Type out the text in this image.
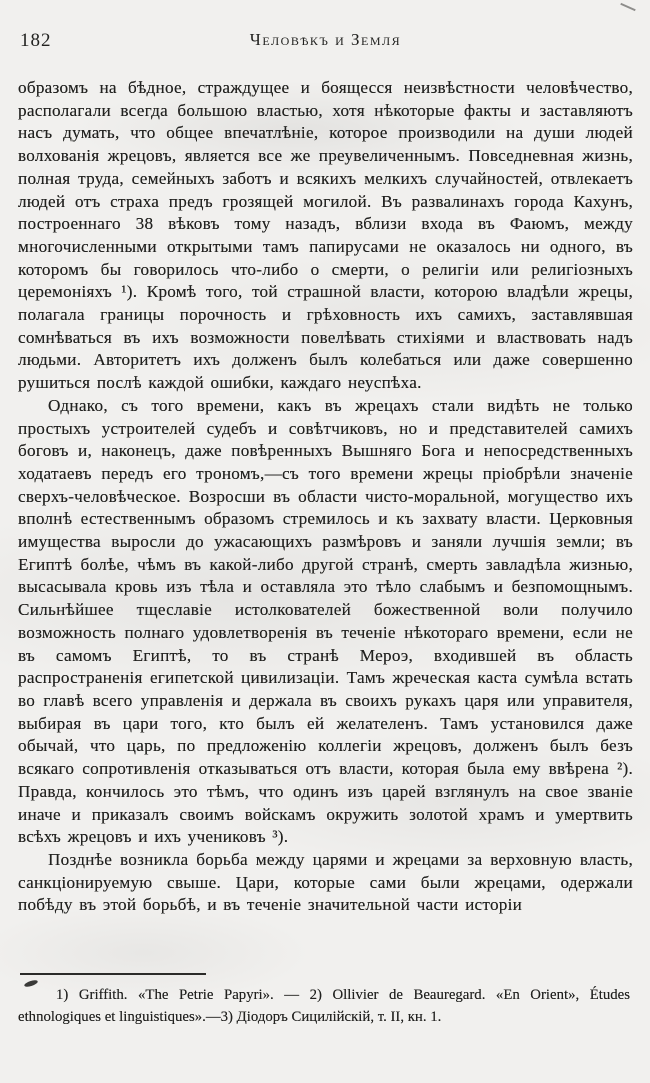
182	Человѣкъ и Земля

образомъ на бѣдное, страждущее и боящесся неизвѣстности человѣчество, располагали всегда большою властью, хотя нѣкоторые факты и заставляютъ насъ думать, что общее впечатлѣніе, которое производили на души людей волхованія жрецовъ, является все же преувеличеннымъ. Повседневная жизнь, полная труда, семейныхъ заботъ и всякихъ мелкихъ случайностей, отвлекаетъ людей отъ страха предъ грозящей могилой. Въ развалинахъ города Кахунъ, построеннаго 38 вѣковъ тому назадъ, вблизи входа въ Фаюмъ, между многочисленными открытыми тамъ папирусами не оказалось ни одного, въ которомъ бы говорилось что-либо о смерти, о религіи или религіозныхъ церемоніяхъ ¹). Кромѣ того, той страшной власти, которою владѣли жрецы, полагала границы порочность и грѣховность ихъ самихъ, заставлявшая сомнѣваться въ ихъ возможности повелѣвать стихіями и властвовать надъ людьми. Авторитетъ ихъ долженъ былъ колебаться или даже совершенно рушиться послѣ каждой ошибки, каждаго неуспѣха.

Однако, съ того времени, какъ въ жрецахъ стали видѣть не только простыхъ устроителей судебъ и совѣтчиковъ, но и представителей самихъ боговъ и, наконецъ, даже повѣренныхъ Вышняго Бога и непосредственныхъ ходатаевъ передъ его трономъ,—съ того времени жрецы пріобрѣли значеніе сверхъ-человѣческое. Возросши въ области чисто-моральной, могущество ихъ вполнѣ естественнымъ образомъ стремилось и къ захвату власти. Церковныя имущества выросли до ужасающихъ размѣровъ и заняли лучшія земли; въ Египтѣ болѣе, чѣмъ въ какой-либо другой странѣ, смерть завладѣла жизнью, высасывала кровь изъ тѣла и оставляла это тѣло слабымъ и безпомощнымъ. Сильнѣйшее тщеславіе истолкователей божественной воли получило возможность полнаго удовлетворенія въ теченіе нѣкотораго времени, если не въ самомъ Египтѣ, то въ странѣ Мероэ, входившей въ область распространенія египетской цивилизаціи. Тамъ жреческая каста сумѣла встать во главѣ всего управленія и держала въ своихъ рукахъ царя или управителя, выбирая въ цари того, кто былъ ей желателенъ. Тамъ установился даже обычай, что царь, по предложенію коллегіи жрецовъ, долженъ былъ безъ всякаго сопротивленія отказываться отъ власти, которая была ему ввѣрена ²). Правда, кончилось это тѣмъ, что одинъ изъ царей взглянулъ на свое званіе иначе и приказалъ своимъ войскамъ окружить золотой храмъ и умертвить всѣхъ жрецовъ и ихъ учениковъ ³).

Позднѣе возникла борьба между царями и жрецами за верховную власть, санкціонируемую свыше. Цари, которые сами были жрецами, одержали побѣду въ этой борьбѣ, и въ теченіе значительной части исторіи

1) Griffith. «The Petrie Papyri». — 2) Ollivier de Beauregard. «En Orient», Études ethnologiques et linguistiques».—3) Діодоръ Сицилійскій, т. II, кн. 1.
